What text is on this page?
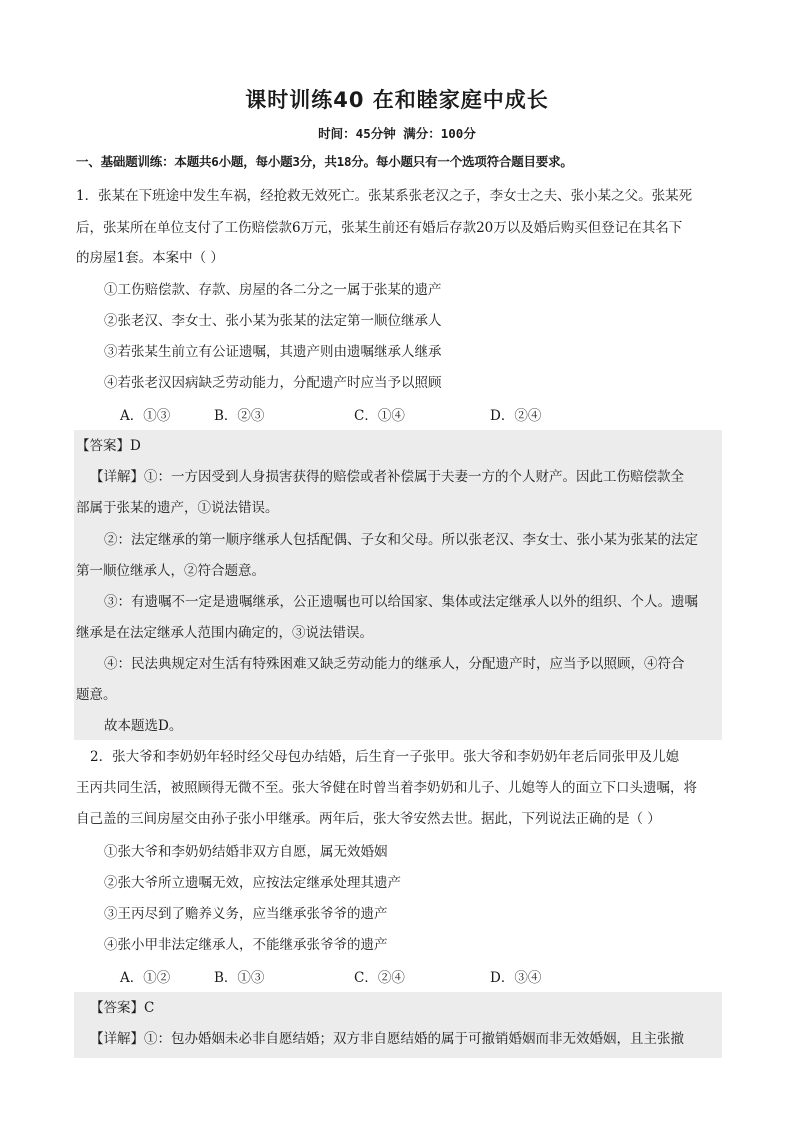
课时训练40 在和睦家庭中成长
时间：45分钟 满分：100分
一、基础题训练：本题共6小题，每小题3分，共18分。每小题只有一个选项符合题目要求。
1．张某在下班途中发生车祸，经抢救无效死亡。张某系张老汉之子，李女士之夫、张小某之父。张某死
后，张某所在单位支付了工伤赔偿款6万元，张某生前还有婚后存款20万以及婚后购买但登记在其名下
的房屋1套。本案中（ ）
①工伤赔偿款、存款、房屋的各二分之一属于张某的遗产
②张老汉、李女士、张小某为张某的法定第一顺位继承人
③若张某生前立有公证遗嘱，其遗产则由遗嘱继承人继承
④若张老汉因病缺乏劳动能力，分配遗产时应当予以照顾
A．①③	B．②③	C．①④	D．②④
【答案】D
【详解】①：一方因受到人身损害获得的赔偿或者补偿属于夫妻一方的个人财产。因此工伤赔偿款全
部属于张某的遗产，①说法错误。
②：法定继承的第一顺序继承人包括配偶、子女和父母。所以张老汉、李女士、张小某为张某的法定
第一顺位继承人，②符合题意。
③：有遗嘱不一定是遗嘱继承，公正遗嘱也可以给国家、集体或法定继承人以外的组织、个人。遗嘱
继承是在法定继承人范围内确定的，③说法错误。
④：民法典规定对生活有特殊困难又缺乏劳动能力的继承人，分配遗产时，应当予以照顾，④符合
题意。
故本题选D。
2．张大爷和李奶奶年轻时经父母包办结婚，后生育一子张甲。张大爷和李奶奶年老后同张甲及儿媳
王丙共同生活，被照顾得无微不至。张大爷健在时曾当着李奶奶和儿子、儿媳等人的面立下口头遗嘱，将
自己盖的三间房屋交由孙子张小甲继承。两年后，张大爷安然去世。据此，下列说法正确的是（ ）
①张大爷和李奶奶结婚非双方自愿，属无效婚姻
②张大爷所立遗嘱无效，应按法定继承处理其遗产
③王丙尽到了赡养义务，应当继承张爷爷的遗产
④张小甲非法定继承人，不能继承张爷爷的遗产
A．①②	B．①③	C．②④	D．③④
【答案】C
【详解】①：包办婚姻未必非自愿结婚；双方非自愿结婚的属于可撤销婚姻而非无效婚姻，且主张撤
